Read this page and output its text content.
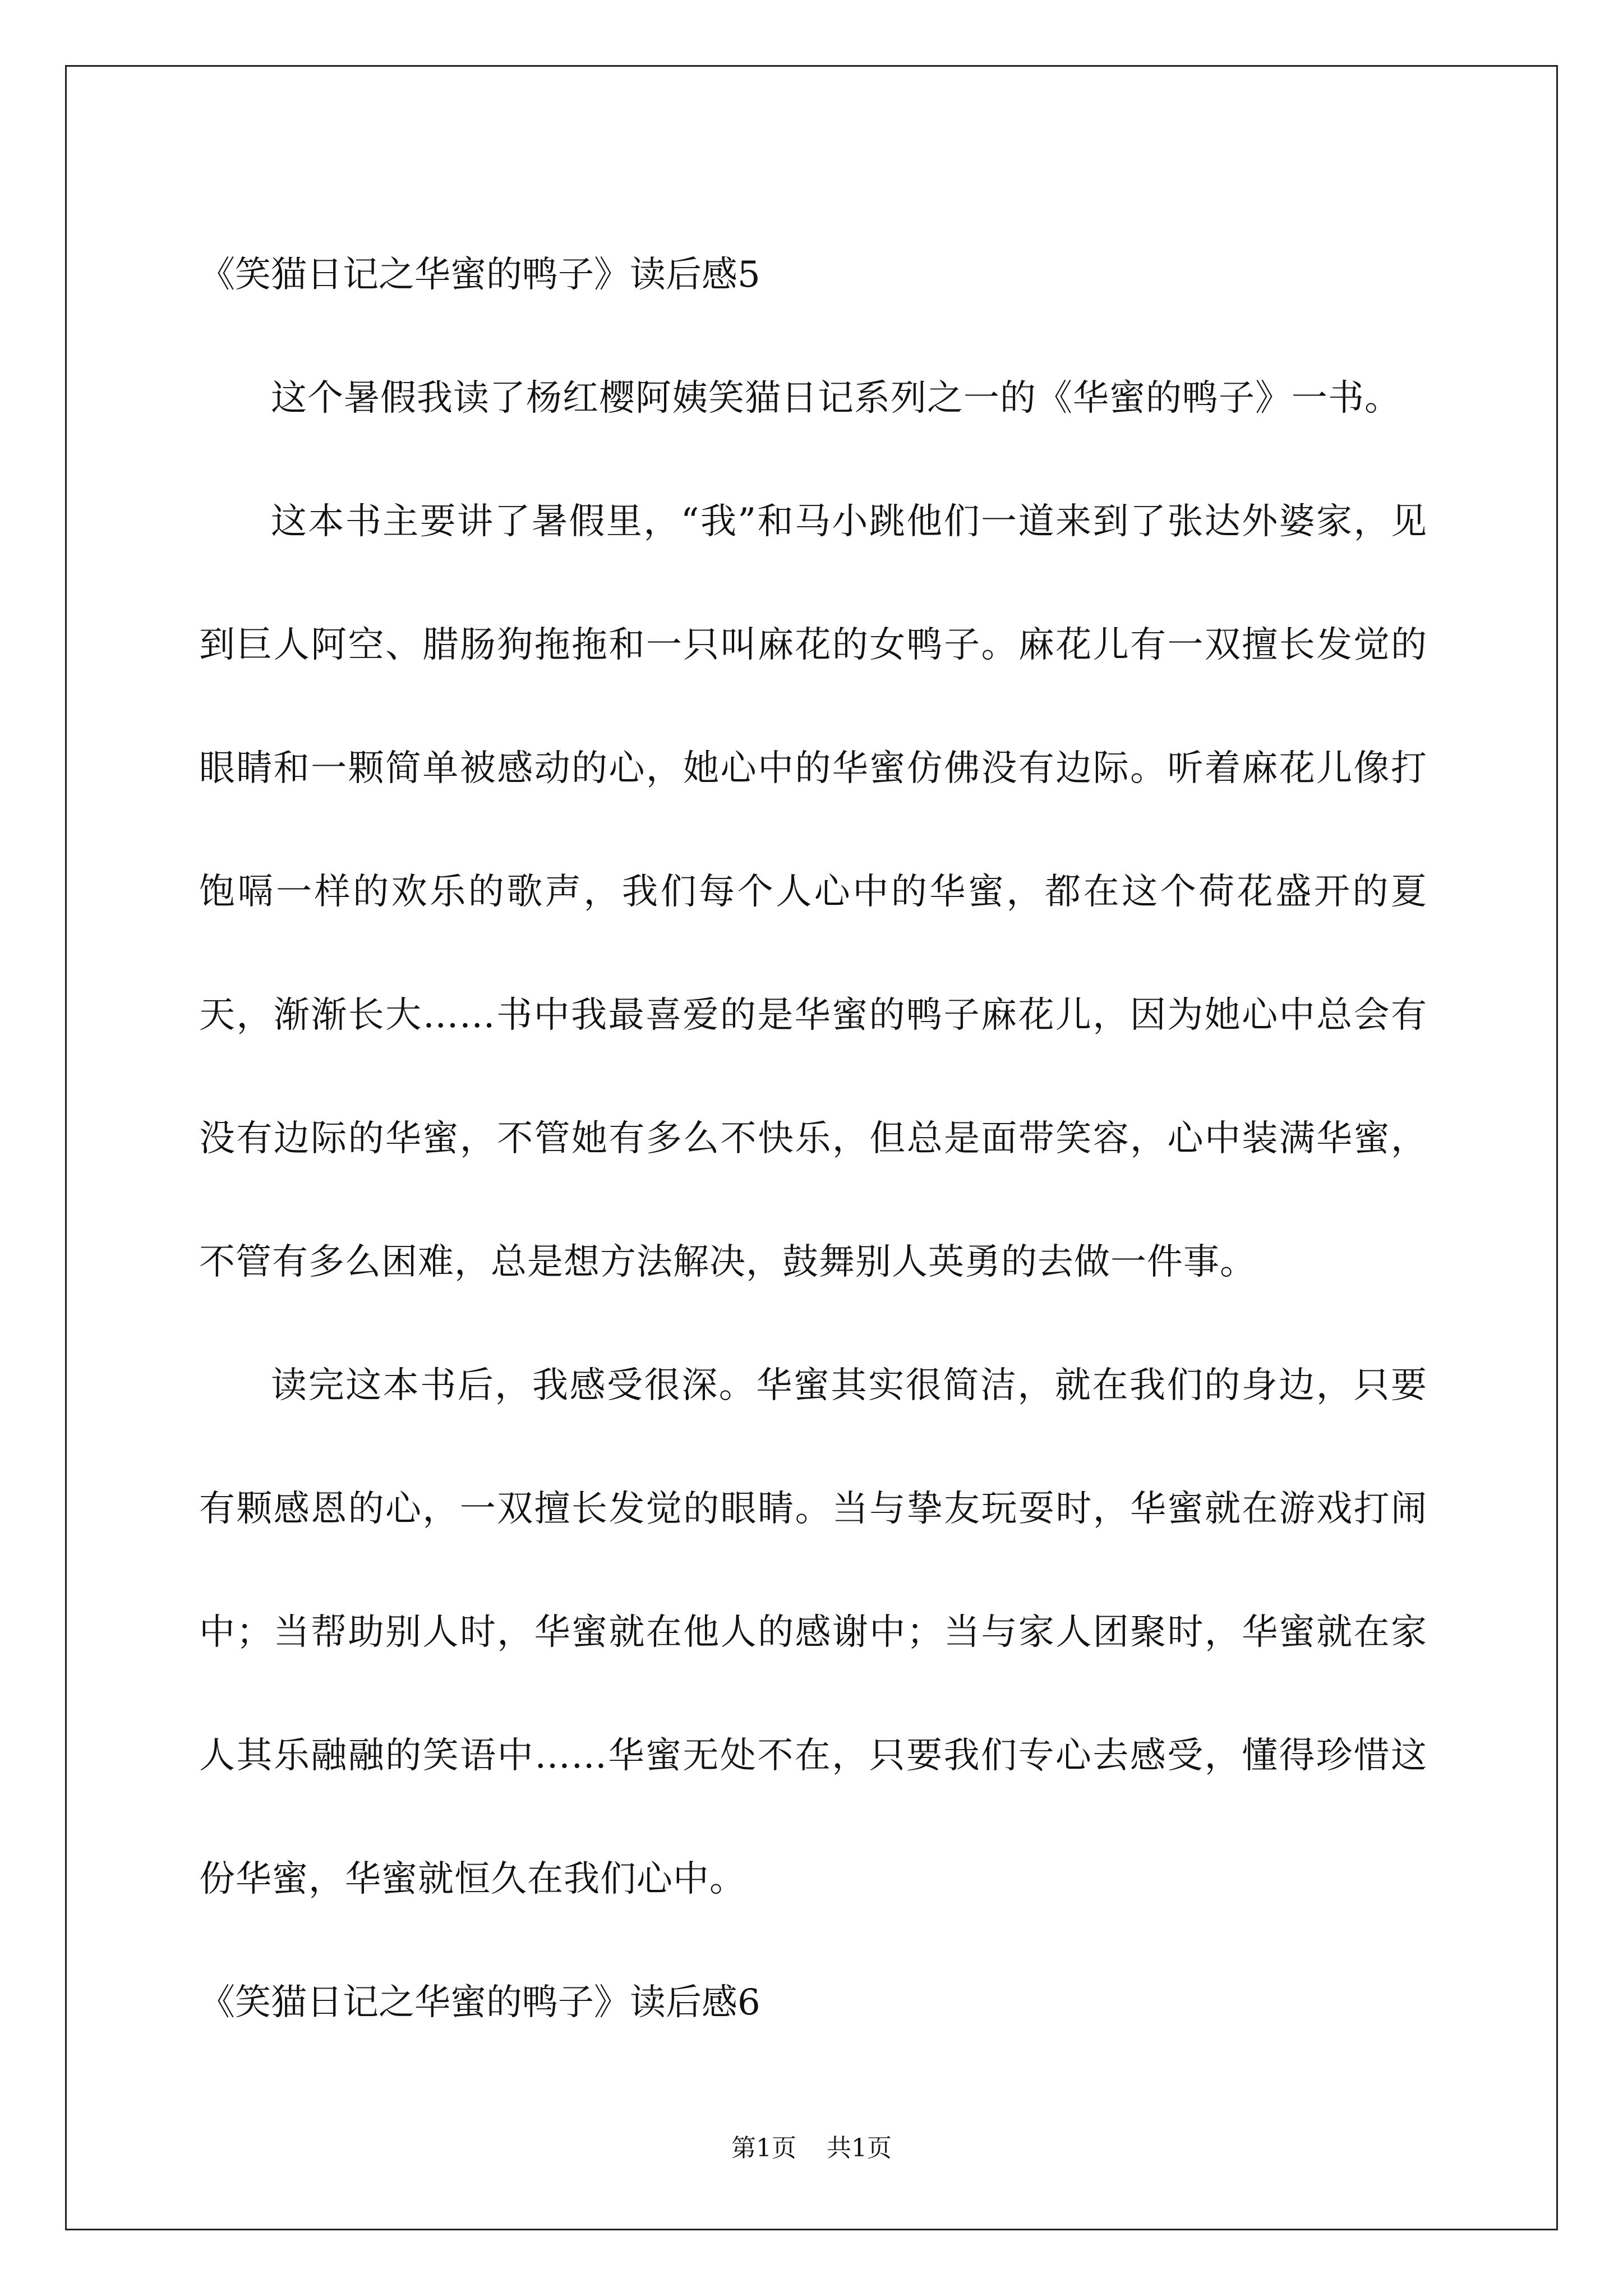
《笑猫日记之华蜜的鸭子》读后感5

这个暑假我读了杨红樱阿姨笑猫日记系列之一的《华蜜的鸭子》一书。

这本书主要讲了暑假里，“我”和马小跳他们一道来到了张达外婆家，见到巨人阿空、腊肠狗拖拖和一只叫麻花的女鸭子。麻花儿有一双擅长发觉的眼睛和一颗简单被感动的心，她心中的华蜜仿佛没有边际。听着麻花儿像打饱嗝一样的欢乐的歌声，我们每个人心中的华蜜，都在这个荷花盛开的夏天，渐渐长大……书中我最喜爱的是华蜜的鸭子麻花儿，因为她心中总会有没有边际的华蜜，不管她有多么不快乐，但总是面带笑容，心中装满华蜜，不管有多么困难，总是想方法解决，鼓舞别人英勇的去做一件事。

读完这本书后，我感受很深。华蜜其实很简洁，就在我们的身边，只要有颗感恩的心，一双擅长发觉的眼睛。当与挚友玩耍时，华蜜就在游戏打闹中；当帮助别人时，华蜜就在他人的感谢中；当与家人团聚时，华蜜就在家人其乐融融的笑语中……华蜜无处不在，只要我们专心去感受，懂得珍惜这份华蜜，华蜜就恒久在我们心中。

《笑猫日记之华蜜的鸭子》读后感6
第1页 共1页
